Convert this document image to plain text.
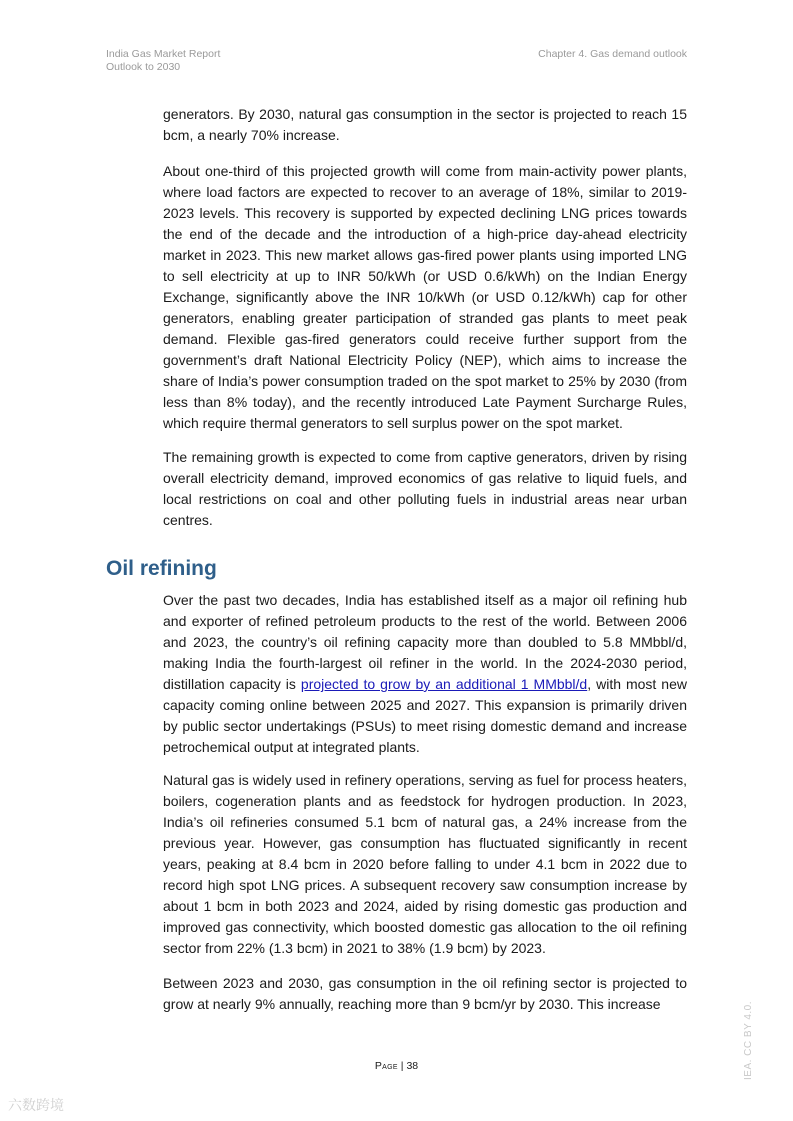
India Gas Market Report
Outlook to 2030
Chapter 4. Gas demand outlook

generators. By 2030, natural gas consumption in the sector is projected to reach 15 bcm, a nearly 70% increase.

About one-third of this projected growth will come from main-activity power plants, where load factors are expected to recover to an average of 18%, similar to 2019-2023 levels. This recovery is supported by expected declining LNG prices towards the end of the decade and the introduction of a high-price day-ahead electricity market in 2023. This new market allows gas-fired power plants using imported LNG to sell electricity at up to INR 50/kWh (or USD 0.6/kWh) on the Indian Energy Exchange, significantly above the INR 10/kWh (or USD 0.12/kWh) cap for other generators, enabling greater participation of stranded gas plants to meet peak demand. Flexible gas-fired generators could receive further support from the government’s draft National Electricity Policy (NEP), which aims to increase the share of India’s power consumption traded on the spot market to 25% by 2030 (from less than 8% today), and the recently introduced Late Payment Surcharge Rules, which require thermal generators to sell surplus power on the spot market.

The remaining growth is expected to come from captive generators, driven by rising overall electricity demand, improved economics of gas relative to liquid fuels, and local restrictions on coal and other polluting fuels in industrial areas near urban centres.

Oil refining

Over the past two decades, India has established itself as a major oil refining hub and exporter of refined petroleum products to the rest of the world. Between 2006 and 2023, the country’s oil refining capacity more than doubled to 5.8 MMbbl/d, making India the fourth-largest oil refiner in the world. In the 2024-2030 period, distillation capacity is projected to grow by an additional 1 MMbbl/d, with most new capacity coming online between 2025 and 2027. This expansion is primarily driven by public sector undertakings (PSUs) to meet rising domestic demand and increase petrochemical output at integrated plants.

Natural gas is widely used in refinery operations, serving as fuel for process heaters, boilers, cogeneration plants and as feedstock for hydrogen production. In 2023, India’s oil refineries consumed 5.1 bcm of natural gas, a 24% increase from the previous year. However, gas consumption has fluctuated significantly in recent years, peaking at 8.4 bcm in 2020 before falling to under 4.1 bcm in 2022 due to record high spot LNG prices. A subsequent recovery saw consumption increase by about 1 bcm in both 2023 and 2024, aided by rising domestic gas production and improved gas connectivity, which boosted domestic gas allocation to the oil refining sector from 22% (1.3 bcm) in 2021 to 38% (1.9 bcm) by 2023.

Between 2023 and 2030, gas consumption in the oil refining sector is projected to grow at nearly 9% annually, reaching more than 9 bcm/yr by 2030. This increase

Page | 38	IEA. CC BY 4.0.
六数跨境
